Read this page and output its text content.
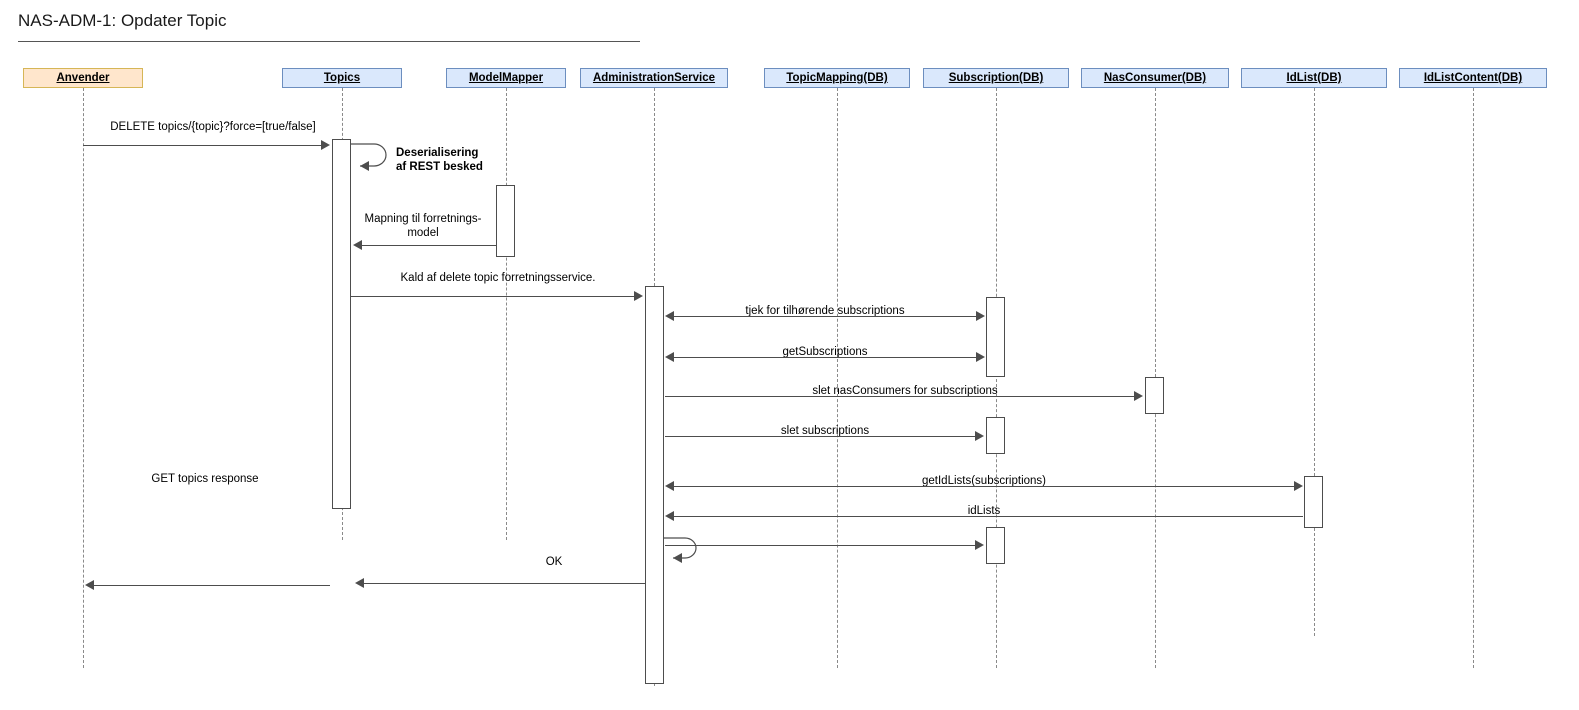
NAS-ADM-1: Opdater Topic
Anvender	Topics	ModelMapper	AdministrationService	TopicMapping(DB)	Subscription(DB)	NasConsumer(DB)	IdList(DB)	IdListContent(DB)
DELETE topics/{topic}?force=[true/false]
Deserialisering
af REST besked
Mapning til forretnings-
model
Kald af delete topic forretningsservice.
tjek for tilhørende subscriptions
getSubscriptions
slet nasConsumers for subscriptions
slet subscriptions
getIdLists(subscriptions)
idLists
OK
GET topics response
